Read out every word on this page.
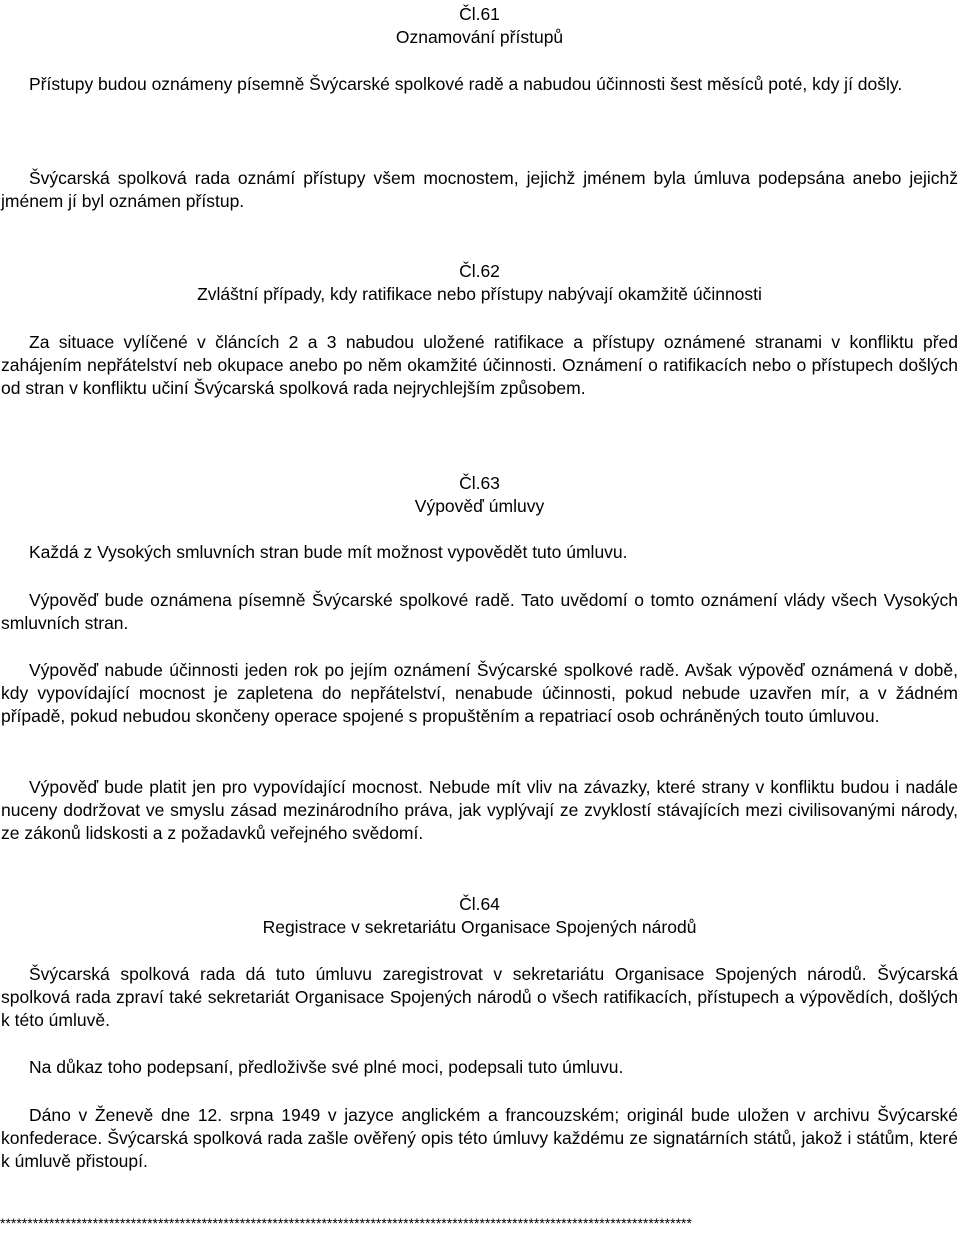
Čl.61
Oznamování přístupů

Přístupy budou oznámeny písemně Švýcarské spolkové radě a nabudou účinnosti šest měsíců poté, kdy jí došly.

Švýcarská spolková rada oznámí přístupy všem mocnostem, jejichž jménem byla úmluva podepsána anebo jejichž jménem jí byl oznámen přístup.

Čl.62
Zvláštní případy, kdy ratifikace nebo přístupy nabývají okamžitě účinnosti

Za situace vylíčené v článcích 2 a 3 nabudou uložené ratifikace a přístupy oznámené stranami v konfliktu před zahájením nepřátelství neb okupace anebo po něm okamžité účinnosti. Oznámení o ratifikacích nebo o přístupech došlých od stran v konfliktu učiní Švýcarská spolková rada nejrychlejším způsobem.

Čl.63
Výpověď úmluvy

Každá z Vysokých smluvních stran bude mít možnost vypovědět tuto úmluvu.

Výpověď bude oznámena písemně Švýcarské spolkové radě. Tato uvědomí o tomto oznámení vlády všech Vysokých smluvních stran.

Výpověď nabude účinnosti jeden rok po jejím oznámení Švýcarské spolkové radě. Avšak výpověď oznámená v době, kdy vypovídající mocnost je zapletena do nepřátelství, nenabude účinnosti, pokud nebude uzavřen mír, a v žádném případě, pokud nebudou skončeny operace spojené s propuštěním a repatriací osob ochráněných touto úmluvou.

Výpověď bude platit jen pro vypovídající mocnost. Nebude mít vliv na závazky, které strany v konfliktu budou i nadále nuceny dodržovat ve smyslu zásad mezinárodního práva, jak vyplývají ze zvyklostí stávajících mezi civilisovanými národy, ze zákonů lidskosti a z požadavků veřejného svědomí.

Čl.64
Registrace v sekretariátu Organisace Spojených národů

Švýcarská spolková rada dá tuto úmluvu zaregistrovat v sekretariátu Organisace Spojených národů. Švýcarská spolková rada zpraví také sekretariát Organisace Spojených národů o všech ratifikacích, přístupech a výpovědích, došlých k této úmluvě.

Na důkaz toho podepsaní, předloživše své plné moci, podepsali tuto úmluvu.

Dáno v Ženevě dne 12. srpna 1949 v jazyce anglickém a francouzském; originál bude uložen v archivu Švýcarské konfederace. Švýcarská spolková rada zašle ověřený opis této úmluvy každému ze signatárních států, jakož i státům, které k úmluvě přistoupí.

*******************************************************************************************************************************
